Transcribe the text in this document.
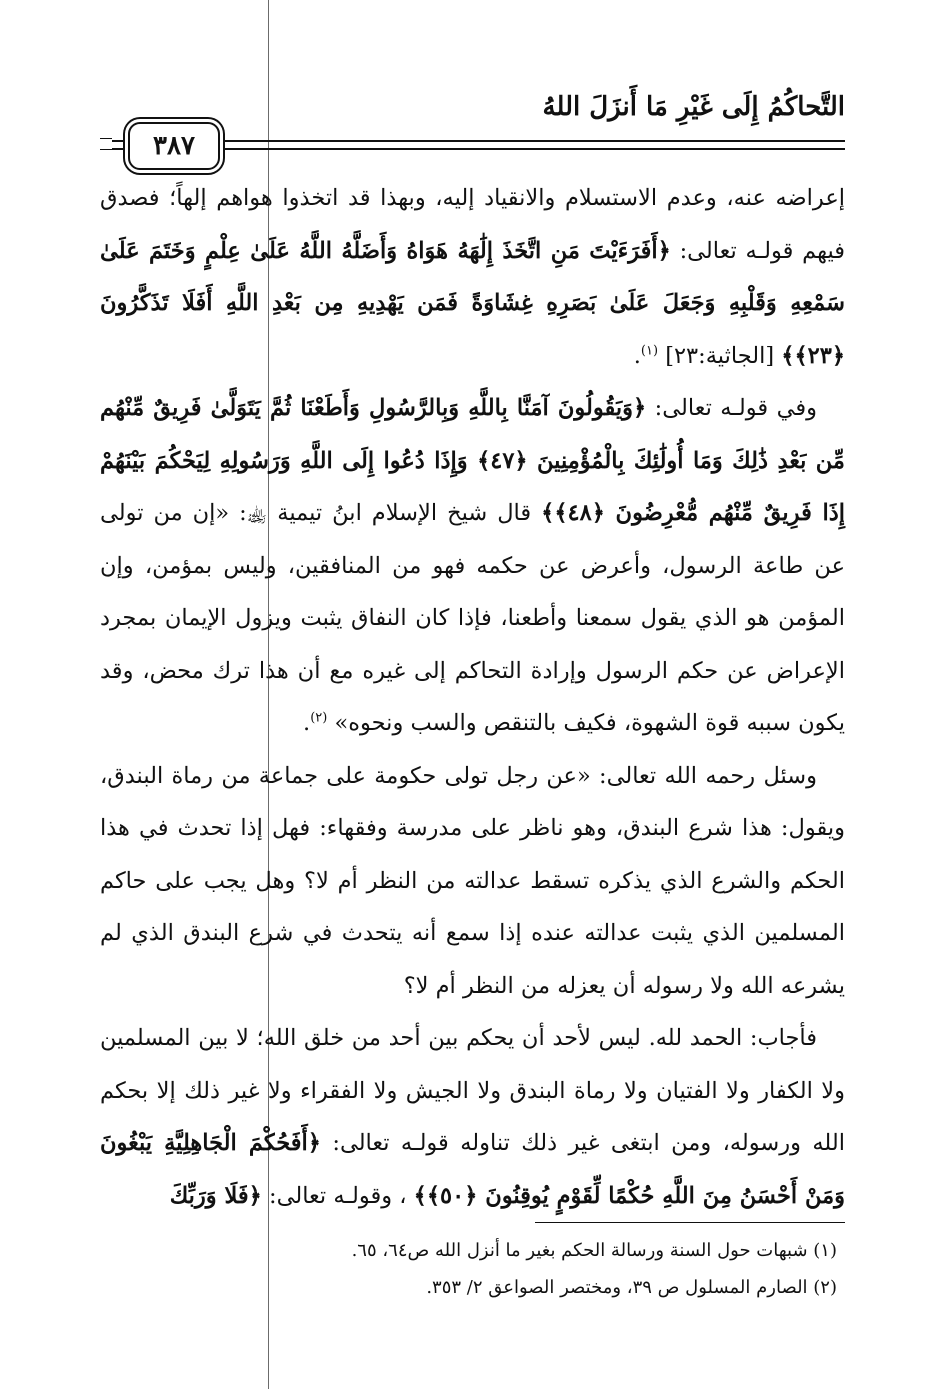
التَّحاكُمُ إِلَى غَيْرِ مَا أَنزَلَ اللهُ
٣٨٧

إعراضه عنه، وعدم الاستسلام والانقياد إليه، وبهذا قد اتخذوا هواهم إلهاً؛ فصدق فيهم قولـه تعالى: ﴿أَفَرَءَيْتَ مَنِ اتَّخَذَ إِلَٰهَهُ هَوَاهُ وَأَضَلَّهُ اللَّهُ عَلَىٰ عِلْمٍ وَخَتَمَ عَلَىٰ سَمْعِهِ وَقَلْبِهِ وَجَعَلَ عَلَىٰ بَصَرِهِ غِشَاوَةً فَمَن يَهْدِيهِ مِن بَعْدِ اللَّهِ أَفَلَا تَذَكَّرُونَ ﴿٢٣﴾﴾ [الجاثية:٢٣] $^{(١)}$.

وفي قولـه تعالى: ﴿وَيَقُولُونَ آمَنَّا بِاللَّهِ وَبِالرَّسُولِ وَأَطَعْنَا ثُمَّ يَتَوَلَّىٰ فَرِيقٌ مِّنْهُم مِّن بَعْدِ ذَٰلِكَ وَمَا أُولَٰئِكَ بِالْمُؤْمِنِينَ ﴿٤٧﴾ وَإِذَا دُعُوا إِلَى اللَّهِ وَرَسُولِهِ لِيَحْكُمَ بَيْنَهُمْ إِذَا فَرِيقٌ مِّنْهُم مُّعْرِضُونَ ﴿٤٨﴾﴾ قال شيخ الإسلام ابنُ تيمية ﵀: «إن من تولى عن طاعة الرسول، وأعرض عن حكمه فهو من المنافقين، وليس بمؤمن، وإن المؤمن هو الذي يقول سمعنا وأطعنا، فإذا كان النفاق يثبت ويزول الإيمان بمجرد الإعراض عن حكم الرسول وإرادة التحاكم إلى غيره مع أن هذا ترك محض، وقد يكون سببه قوة الشهوة، فكيف بالتنقص والسب ونحوه» $^{(٢)}$.

وسئل رحمه الله تعالى: «عن رجل تولى حكومة على جماعة من رماة البندق، ويقول: هذا شرع البندق، وهو ناظر على مدرسة وفقهاء: فهل إذا تحدث في هذا الحكم والشرع الذي يذكره تسقط عدالته من النظر أم لا؟ وهل يجب على حاكم المسلمين الذي يثبت عدالته عنده إذا سمع أنه يتحدث في شرع البندق الذي لم يشرعه الله ولا رسوله أن يعزله من النظر أم لا؟

فأجاب: الحمد لله. ليس لأحد أن يحكم بين أحد من خلق الله؛ لا بين المسلمين ولا الكفار ولا الفتيان ولا رماة البندق ولا الجيش ولا الفقراء ولا غير ذلك إلا بحكم الله ورسوله، ومن ابتغى غير ذلك تناوله قولـه تعالى: ﴿أَفَحُكْمَ الْجَاهِلِيَّةِ يَبْغُونَ وَمَنْ أَحْسَنُ مِنَ اللَّهِ حُكْمًا لِّقَوْمٍ يُوقِنُونَ ﴿٥٠﴾﴾ ، وقولـه تعالى: ﴿فَلَا وَرَبِّكَ

(١) شبهات حول السنة ورسالة الحكم بغير ما أنزل الله ص٦٤، ٦٥.
(٢) الصارم المسلول ص ٣٩، ومختصر الصواعق ٢/ ٣٥٣.
